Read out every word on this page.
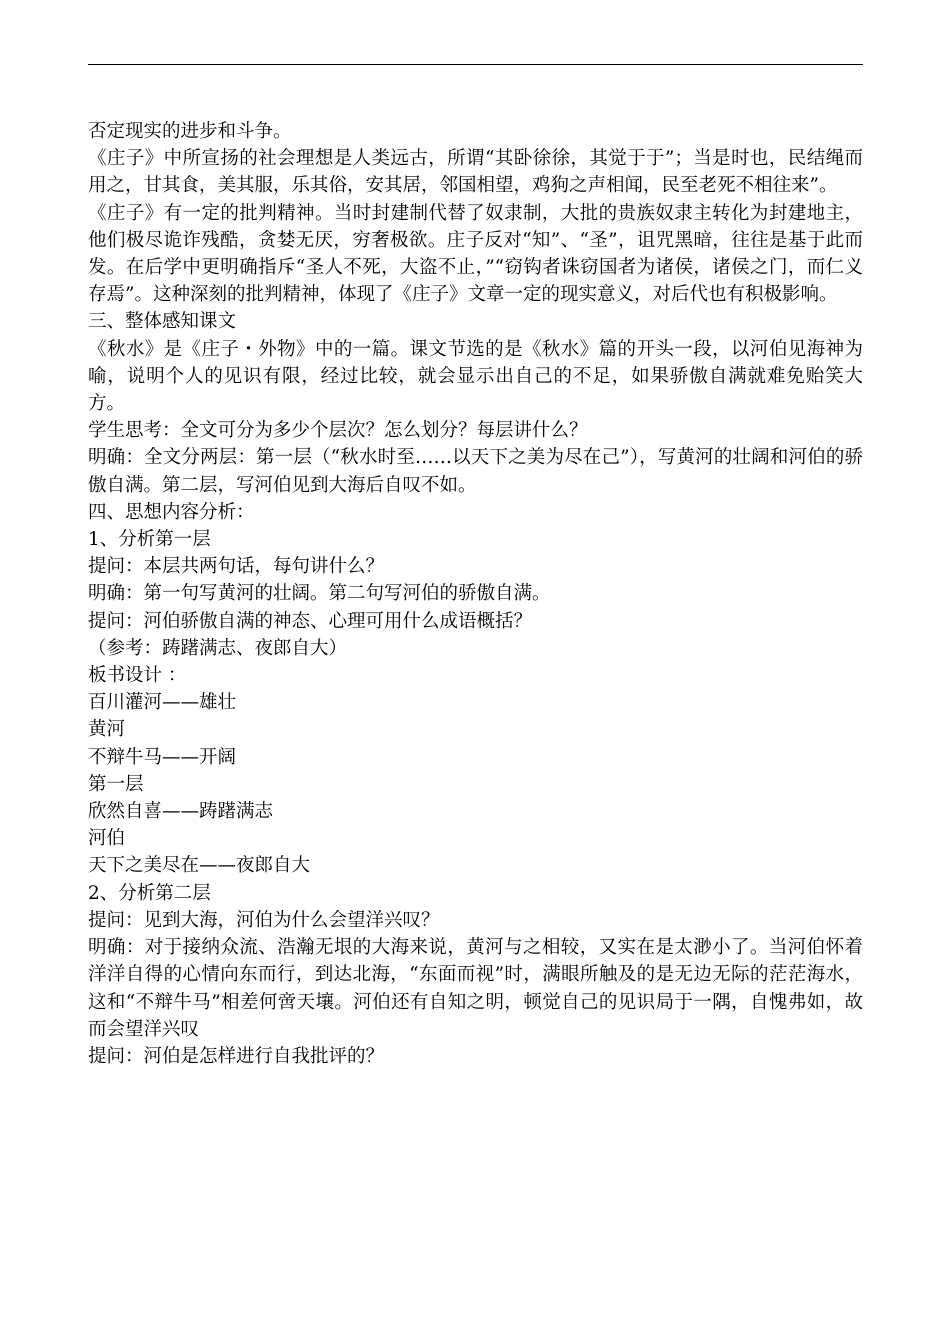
否定现实的进步和斗争。

《庄子》中所宣扬的社会理想是人类远古，所谓“其卧徐徐，其觉于于”；当是时也，民结绳而用之，甘其食，美其服，乐其俗，安其居，邻国相望，鸡狗之声相闻，民至老死不相往来”。

《庄子》有一定的批判精神。当时封建制代替了奴隶制，大批的贵族奴隶主转化为封建地主，他们极尽诡诈残酷，贪婪无厌，穷奢极欲。庄子反对“知”、“圣”，诅咒黑暗，往往是基于此而发。在后学中更明确指斥“圣人不死，大盗不止，”“窃钩者诛窃国者为诸侯，诸侯之门，而仁义存焉”。这种深刻的批判精神，体现了《庄子》文章一定的现实意义，对后代也有积极影响。

三、整体感知课文

《秋水》是《庄子・外物》中的一篇。课文节选的是《秋水》篇的开头一段，以河伯见海神为喻，说明个人的见识有限，经过比较，就会显示出自己的不足，如果骄傲自满就难免贻笑大方。

学生思考：全文可分为多少个层次？怎么划分？每层讲什么？

明确：全文分两层：第一层（“秋水时至……以天下之美为尽在己”），写黄河的壮阔和河伯的骄傲自满。第二层，写河伯见到大海后自叹不如。

四、思想内容分析：

1、分析第一层

提问：本层共两句话，每句讲什么？

明确：第一句写黄河的壮阔。第二句写河伯的骄傲自满。

提问：河伯骄傲自满的神态、心理可用什么成语概括？

（参考：踌躇满志、夜郎自大）

板书设计 ：

百川灌河——雄壮

黄河

不辩牛马——开阔

第一层

欣然自喜——踌躇满志

河伯

天下之美尽在——夜郎自大

2、分析第二层

提问：见到大海，河伯为什么会望洋兴叹？

明确：对于接纳众流、浩瀚无垠的大海来说，黄河与之相较，又实在是太渺小了。当河伯怀着洋洋自得的心情向东而行，到达北海，“东面而视”时，满眼所触及的是无边无际的茫茫海水，这和“不辩牛马”相差何啻天壤。河伯还有自知之明，顿觉自己的见识局于一隅，自愧弗如，故而会望洋兴叹

提问：河伯是怎样进行自我批评的？
